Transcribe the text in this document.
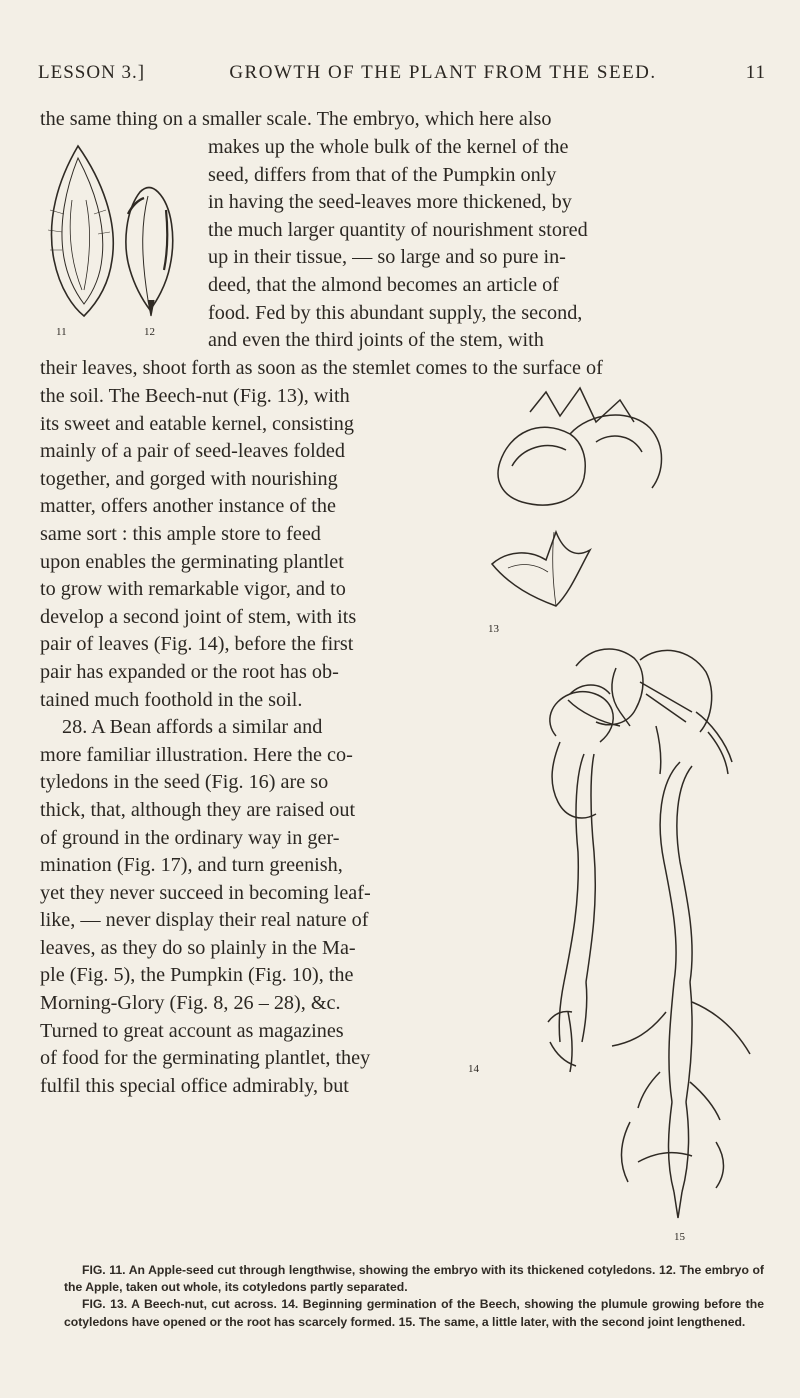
LESSON 3.]	GROWTH OF THE PLANT FROM THE SEED.	11
the same thing on a smaller scale. The embryo, which here also
11	12
makes up the whole bulk of the kernel of the
seed, differs from that of the Pumpkin only
in having the seed-leaves more thickened, by
the much larger quantity of nourishment stored
up in their tissue, — so large and so pure in-
deed, that the almond becomes an article of
food. Fed by this abundant supply, the second,
and even the third joints of the stem, with
their leaves, shoot forth as soon as the stemlet comes to the surface of
the soil. The Beech-nut (Fig. 13), with
its sweet and eatable kernel, consisting
mainly of a pair of seed-leaves folded
together, and gorged with nourishing
matter, offers another instance of the
same sort : this ample store to feed
upon enables the germinating plantlet
to grow with remarkable vigor, and to
develop a second joint of stem, with its
pair of leaves (Fig. 14), before the first
pair has expanded or the root has ob-
tained much foothold in the soil.
28. A Bean affords a similar and
more familiar illustration. Here the co-
tyledons in the seed (Fig. 16) are so
thick, that, although they are raised out
of ground in the ordinary way in ger-
mination (Fig. 17), and turn greenish,
yet they never succeed in becoming leaf-
like, — never display their real nature of
leaves, as they do so plainly in the Ma-
ple (Fig. 5), the Pumpkin (Fig. 10), the
Morning-Glory (Fig. 8, 26 – 28), &c.
Turned to great account as magazines
of food for the germinating plantlet, they
fulfil this special office admirably, but
13
14
15

FIG. 11. An Apple-seed cut through lengthwise, showing the embryo with its thickened cotyledons. 12. The embryo of the Apple, taken out whole, its cotyledons partly separated.

FIG. 13. A Beech-nut, cut across. 14. Beginning germination of the Beech, showing the plumule growing before the cotyledons have opened or the root has scarcely formed. 15. The same, a little later, with the second joint lengthened.
